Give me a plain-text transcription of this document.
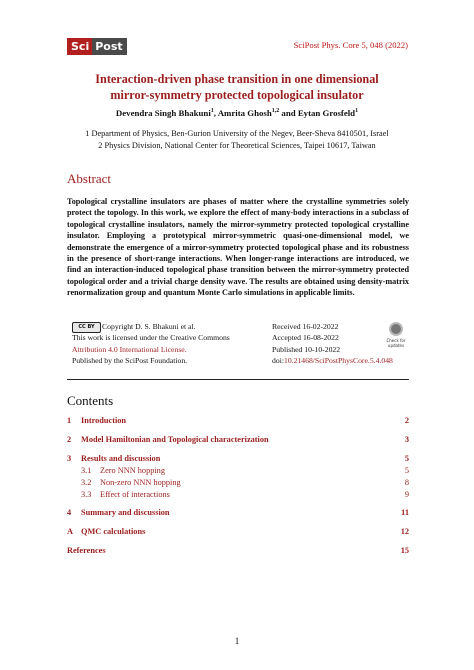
Sci Post	SciPost Phys. Core 5, 048 (2022)
Interaction-driven phase transition in one dimensional
mirror-symmetry protected topological insulator
Devendra Singh Bhakuni$^1$, Amrita Ghosh$^{1,2}$ and Eytan Grosfeld$^1$
1 Department of Physics, Ben-Gurion University of the Negev, Beer-Sheva 8410501, Israel
2 Physics Division, National Center for Theoretical Sciences, Taipei 10617, Taiwan
Abstract

Topological crystalline insulators are phases of matter where the crystalline symmetries solely protect the topology. In this work, we explore the effect of many-body interactions in a subclass of topological crystalline insulators, namely the mirror-symmetry protected topological crystalline insulator. Employing a prototypical mirror-symmetric quasi-one-dimensional model, we demonstrate the emergence of a mirror-symmetry protected topological phase and its robustness in the presence of short-range interactions. When longer-range interactions are introduced, we find an interaction-induced topological phase transition between the mirror-symmetry protected topological order and a trivial charge density wave. The results are obtained using density-matrix renormalization group and quantum Monte Carlo simulations in applicable limits.

Copyright D. S. Bhakuni et al.
This work is licensed under the Creative Commons
Attribution 4.0 International License.
Published by the SciPost Foundation.
CC BY	Received 16-02-2022
Accepted 16-08-2022
Published 10-10-2022
doi:10.21468/SciPostPhysCore.5.4.048
Check for
updates
Contents
1 Introduction	2
2 Model Hamiltonian and Topological characterization	3
3 Results and discussion	5
3.1 Zero NNN hopping	5
3.2 Non-zero NNN hopping	8
3.3 Effect of interactions	9
4 Summary and discussion	11
A QMC calculations	12
References	15
1
